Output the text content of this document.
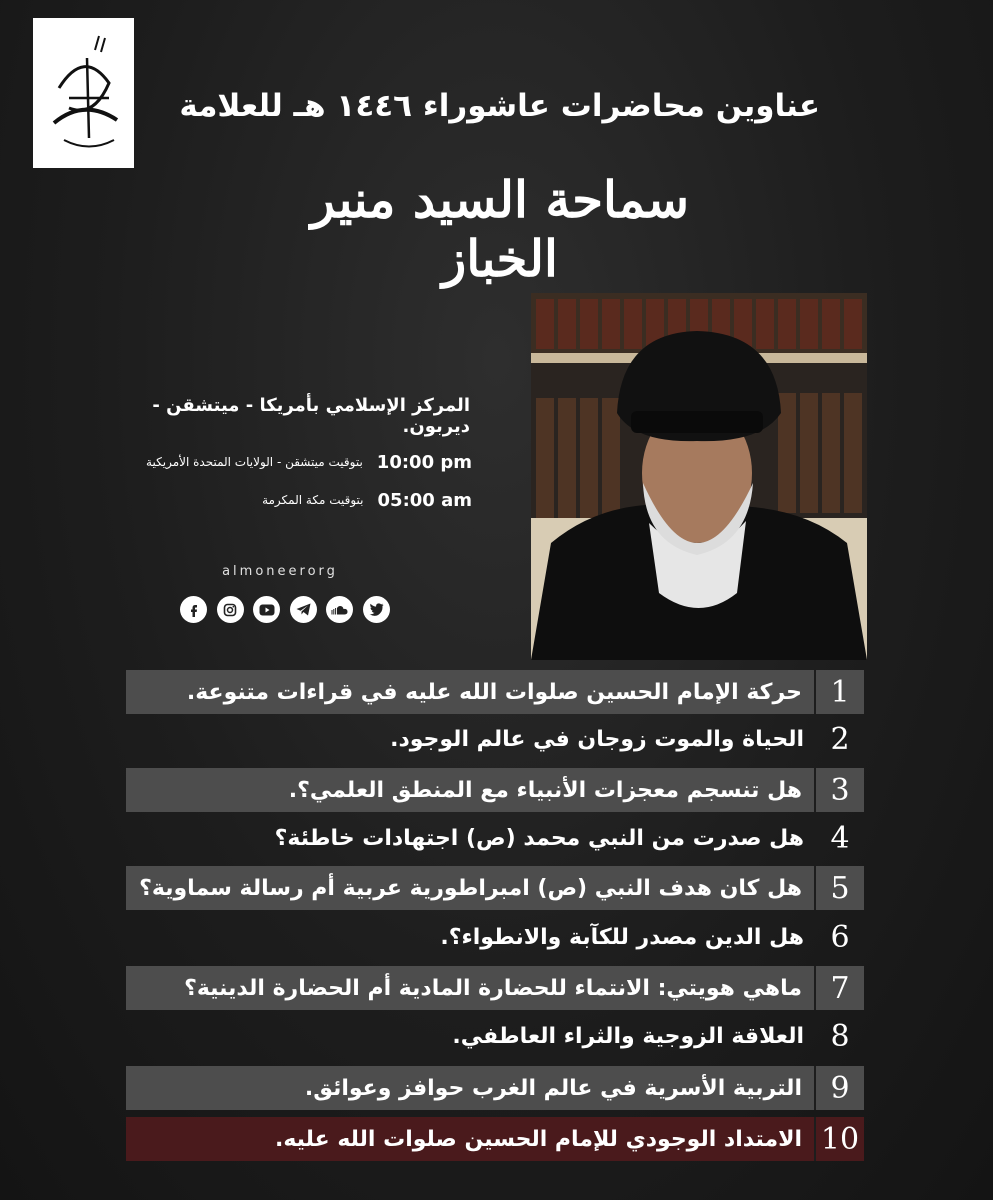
عناوين محاضرات عاشوراء ١٤٤٦ هـ للعلامة
سماحة السيد منير الخباز
المركز الإسلامي بأمريكا - ميتشقن - ديربون.
10:00 pm
بتوقيت ميتشقن - الولايات المتحدة الأمريكية
05:00 am
بتوقيت مكة المكرمة
almoneerorg
1
حركة الإمام الحسين صلوات الله عليه في قراءات متنوعة.
2
الحياة والموت زوجان في عالم الوجود.
3
هل تنسجم معجزات الأنبياء مع المنطق العلمي؟.
4
هل صدرت من النبي محمد (ص) اجتهادات خاطئة؟
5
هل كان هدف النبي (ص) امبراطورية عربية أم رسالة سماوية؟
6
هل الدين مصدر للكآبة والانطواء؟.
7
ماهي هويتي: الانتماء للحضارة المادية أم الحضارة الدينية؟
8
العلاقة الزوجية والثراء العاطفي.
9
التربية الأسرية في عالم الغرب حوافز وعوائق.
10
الامتداد الوجودي للإمام الحسين صلوات الله عليه.
